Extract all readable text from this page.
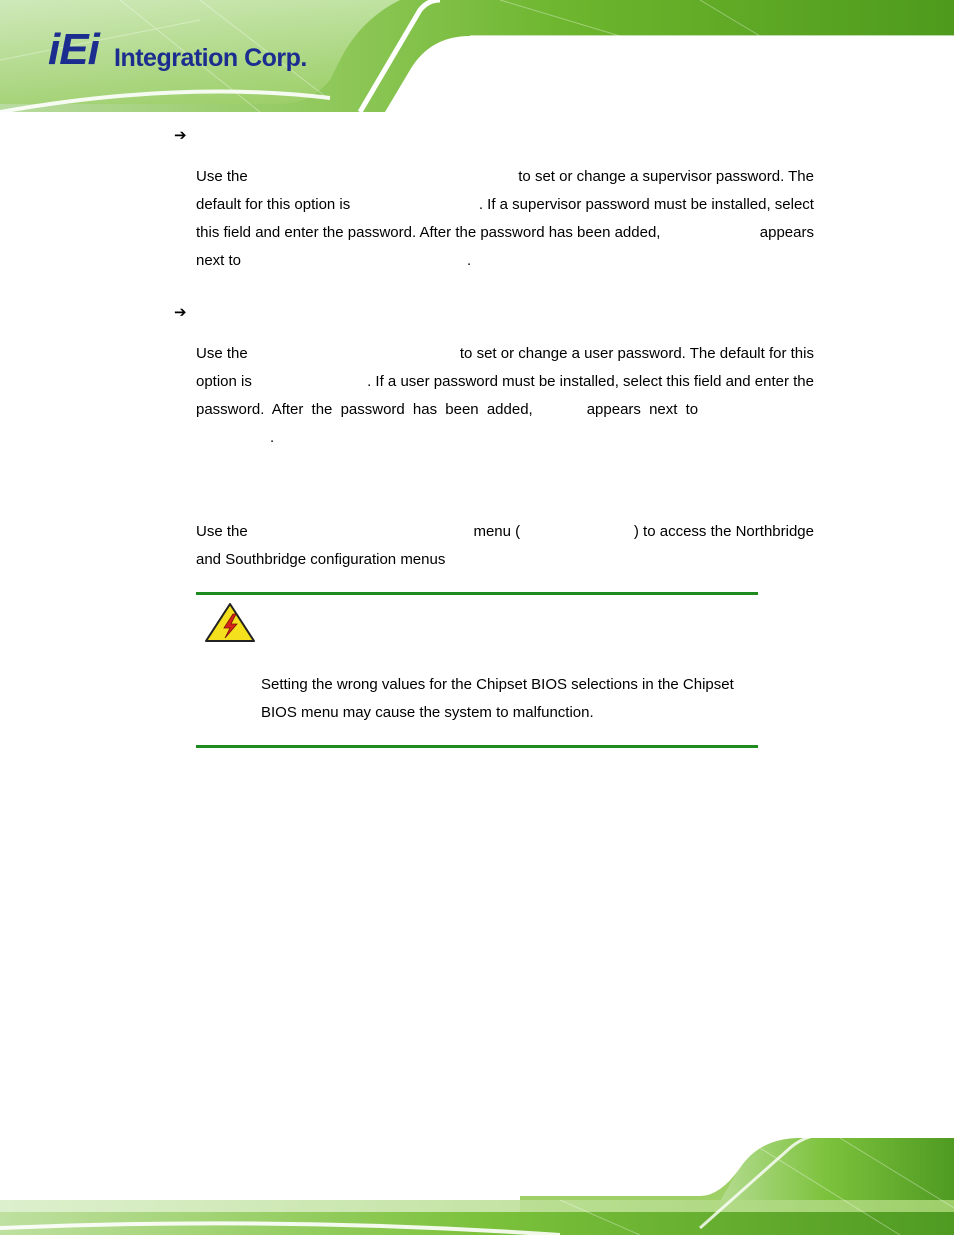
iEi Integration Corp.
➔
Use the	to set or change a supervisor password. The
default for this option is	. If a supervisor password must be installed, select
this field and enter the password. After the password has been added,	appears
next to	.
➔
Use the	to set or change a user password. The default for this
option is	. If a user password must be installed, select this field and enter the
password. After the password has been added,	appears next to
.
Use the	menu (	) to access the Northbridge
and Southbridge configuration menus
Setting the wrong values for the Chipset BIOS selections in the Chipset
BIOS menu may cause the system to malfunction.
